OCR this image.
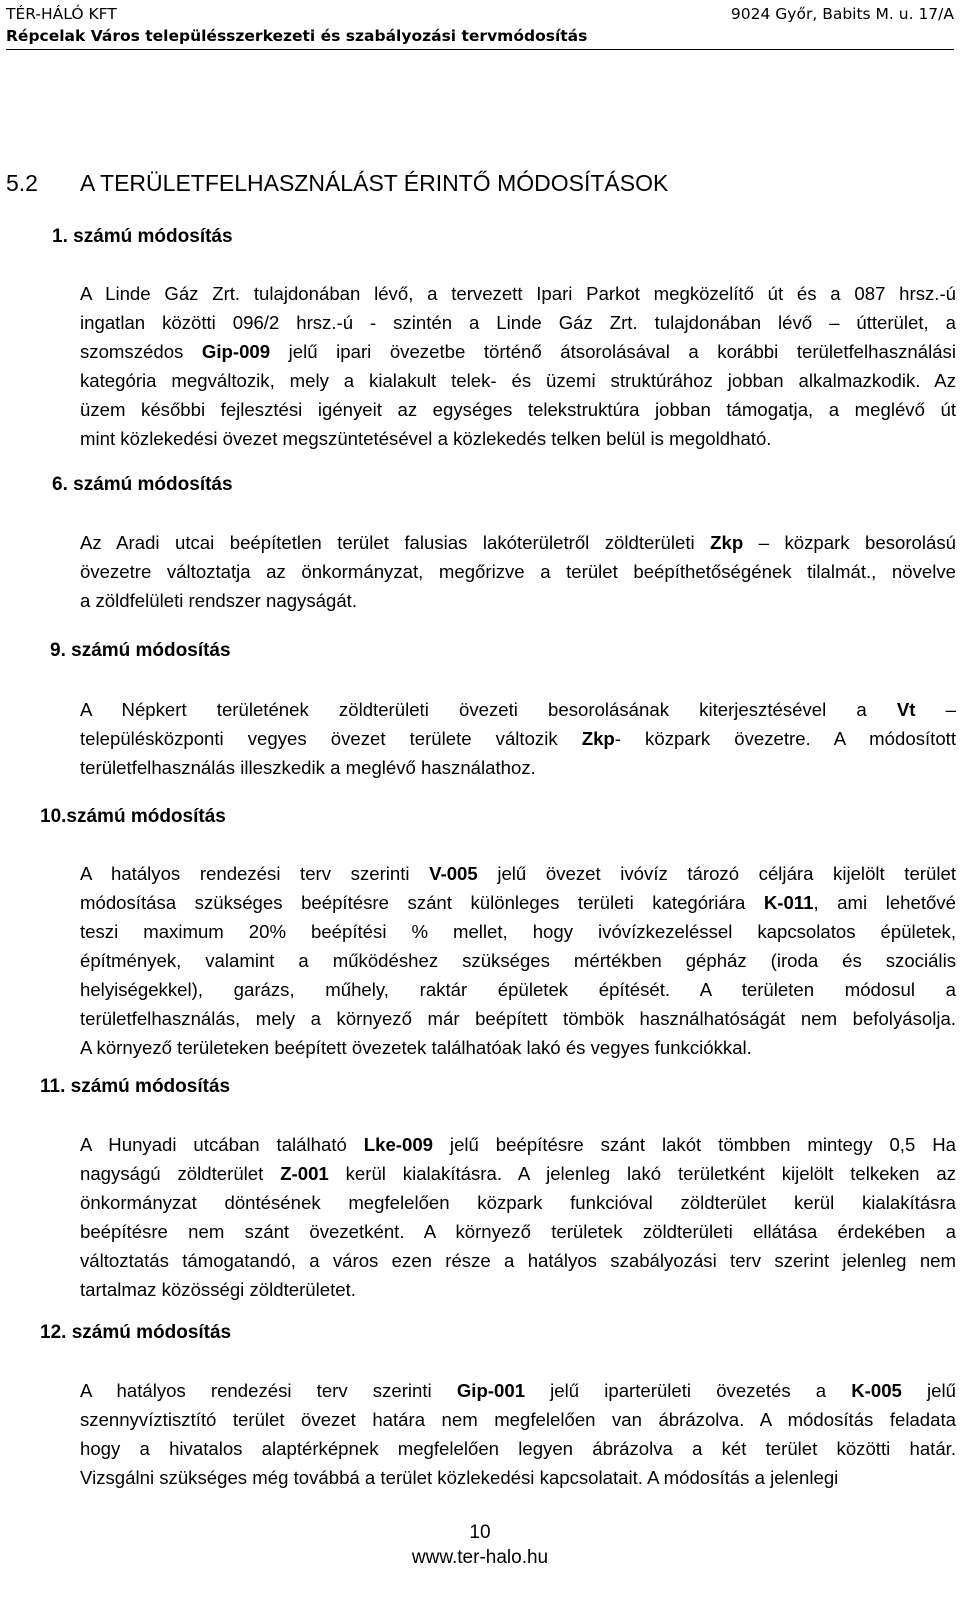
TÉR-HÁLÓ KFT	9024 Győr, Babits M. u. 17/A
Répcelak Város településszerkezeti és szabályozási tervmódosítás
5.2 A TERÜLETFELHASZNÁLÁST ÉRINTŐ MÓDOSÍTÁSOK
1. számú módosítás
A Linde Gáz Zrt. tulajdonában lévő, a tervezett Ipari Parkot megközelítő út és a 087 hrsz.-ú
ingatlan közötti 096/2 hrsz.-ú - szintén a Linde Gáz Zrt. tulajdonában lévő – útterület, a
szomszédos Gip-009 jelű ipari övezetbe történő átsorolásával a korábbi területfelhasználási
kategória megváltozik, mely a kialakult telek- és üzemi struktúrához jobban alkalmazkodik. Az
üzem későbbi fejlesztési igényeit az egységes telekstruktúra jobban támogatja, a meglévő út
mint közlekedési övezet megszüntetésével a közlekedés telken belül is megoldható.
6. számú módosítás
Az Aradi utcai beépítetlen terület falusias lakóterületről zöldterületi Zkp – közpark besorolású
övezetre változtatja az önkormányzat, megőrizve a terület beépíthetőségének tilalmát., növelve
a zöldfelületi rendszer nagyságát.
9. számú módosítás
A Népkert területének zöldterületi övezeti besorolásának kiterjesztésével a Vt –
településközponti vegyes övezet területe változik Zkp- közpark övezetre. A módosított
területfelhasználás illeszkedik a meglévő használathoz.
10.számú módosítás
A hatályos rendezési terv szerinti V-005 jelű övezet ivóvíz tározó céljára kijelölt terület
módosítása szükséges beépítésre szánt különleges területi kategóriára K-011, ami lehetővé
teszi maximum 20% beépítési % mellet, hogy ivóvízkezeléssel kapcsolatos épületek,
építmények, valamint a működéshez szükséges mértékben gépház (iroda és szociális
helyiségekkel), garázs, műhely, raktár épületek építését. A területen módosul a
területfelhasználás, mely a környező már beépített tömbök használhatóságát nem befolyásolja.
A környező területeken beépített övezetek találhatóak lakó és vegyes funkciókkal.
11. számú módosítás
A Hunyadi utcában található Lke-009 jelű beépítésre szánt lakót tömbben mintegy 0,5 Ha
nagyságú zöldterület Z-001 kerül kialakításra. A jelenleg lakó területként kijelölt telkeken az
önkormányzat döntésének megfelelően közpark funkcióval zöldterület kerül kialakításra
beépítésre nem szánt övezetként. A környező területek zöldterületi ellátása érdekében a
változtatás támogatandó, a város ezen része a hatályos szabályozási terv szerint jelenleg nem
tartalmaz közösségi zöldterületet.
12. számú módosítás
A hatályos rendezési terv szerinti Gip-001 jelű iparterületi övezetés a K-005 jelű
szennyvíztisztító terület övezet határa nem megfelelően van ábrázolva. A módosítás feladata
hogy a hivatalos alaptérképnek megfelelően legyen ábrázolva a két terület közötti határ.
Vizsgálni szükséges még továbbá a terület közlekedési kapcsolatait. A módosítás a jelenlegi
10
www.ter-halo.hu
